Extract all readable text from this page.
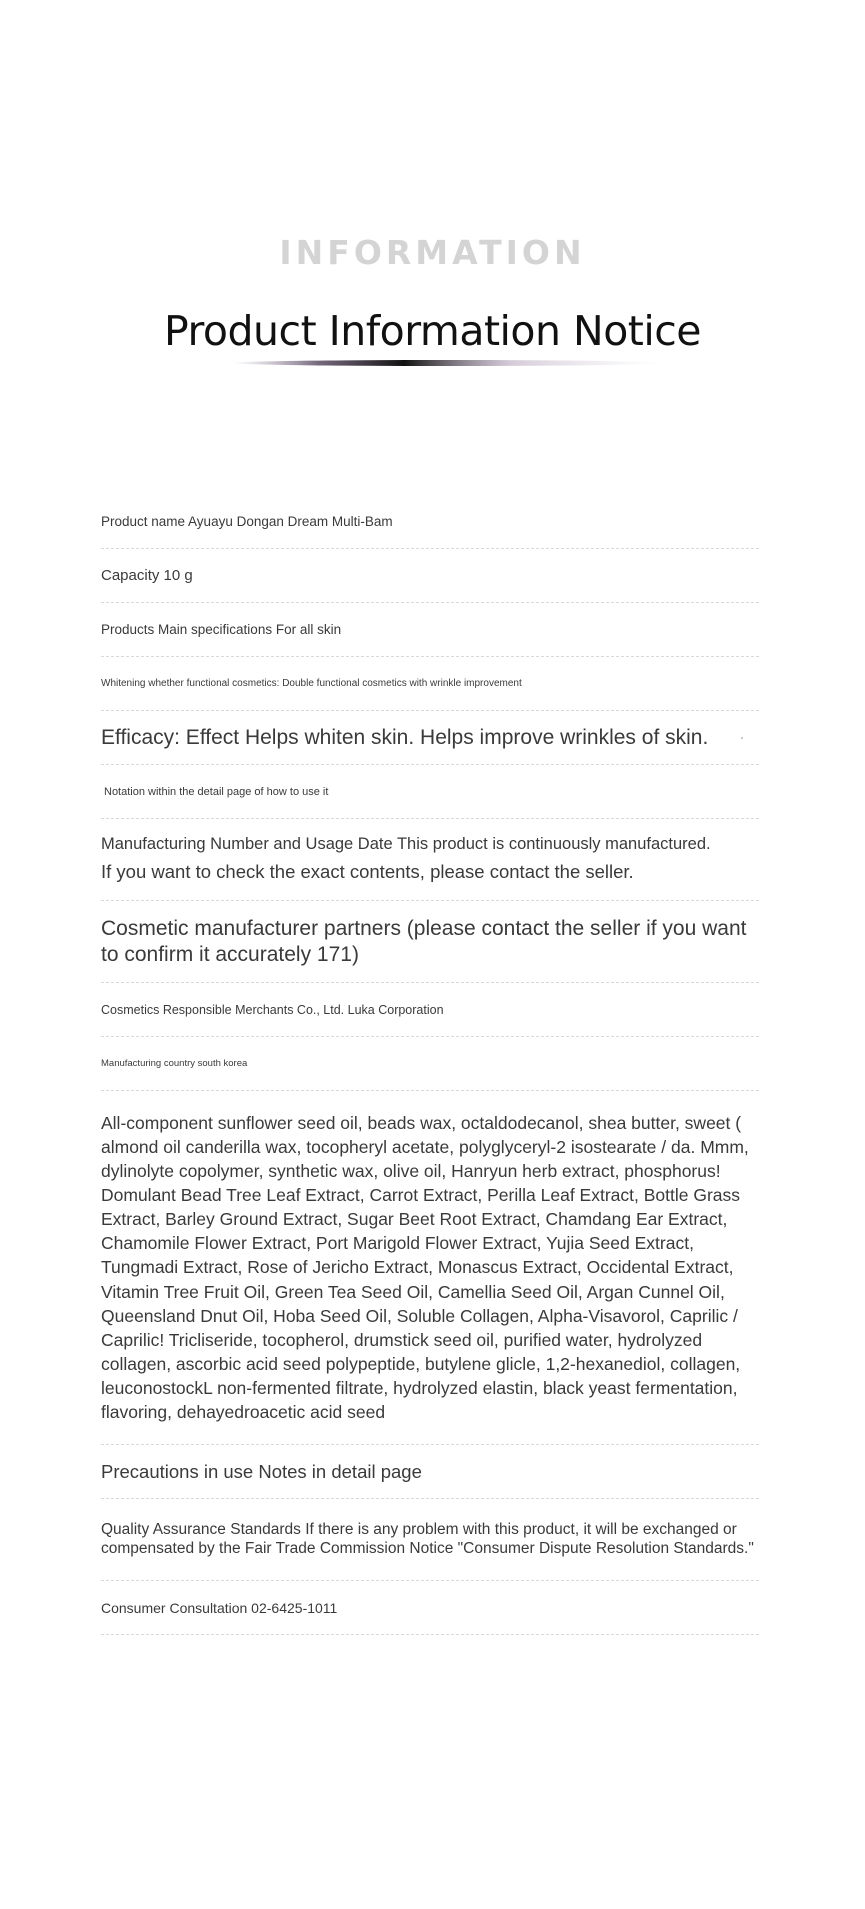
INFORMATION
Product Information Notice
Product name Ayuayu Dongan Dream Multi-Bam
Capacity 10 g
Products Main specifications For all skin
Whitening whether functional cosmetics: Double functional cosmetics with wrinkle improvement
Efficacy: Effect Helps whiten skin. Helps improve wrinkles of skin.
Notation within the detail page of how to use it
Manufacturing Number and Usage Date This product is continuously manufactured.
If you want to check the exact contents, please contact the seller.
Cosmetic manufacturer partners (please contact the seller if you want to confirm it accurately 171)
Cosmetics Responsible Merchants Co., Ltd. Luka Corporation
Manufacturing country south korea
All-component sunflower seed oil, beads wax, octaldodecanol, shea butter, sweet ( almond oil canderilla wax, tocopheryl acetate, polyglyceryl-2 isostearate / da. Mmm, dylinolyte copolymer, synthetic wax, olive oil, Hanryun herb extract, phosphorus! Domulant Bead Tree Leaf Extract, Carrot Extract, Perilla Leaf Extract, Bottle Grass Extract, Barley Ground Extract, Sugar Beet Root Extract, Chamdang Ear Extract, Chamomile Flower Extract, Port Marigold Flower Extract, Yujia Seed Extract, Tungmadi Extract, Rose of Jericho Extract, Monascus Extract, Occidental Extract, Vitamin Tree Fruit Oil, Green Tea Seed Oil, Camellia Seed Oil, Argan Cunnel Oil, Queensland Dnut Oil, Hoba Seed Oil, Soluble Collagen, Alpha-Visavorol, Caprilic / Caprilic! Tricliseride, tocopherol, drumstick seed oil, purified water, hydrolyzed collagen, ascorbic acid seed polypeptide, butylene glicle, 1,2-hexanediol, collagen, leuconostockL non-fermented filtrate, hydrolyzed elastin, black yeast fermentation, flavoring, dehayedroacetic acid seed
Precautions in use Notes in detail page
Quality Assurance Standards If there is any problem with this product, it will be exchanged or compensated by the Fair Trade Commission Notice "Consumer Dispute Resolution Standards."
Consumer Consultation 02-6425-1011
